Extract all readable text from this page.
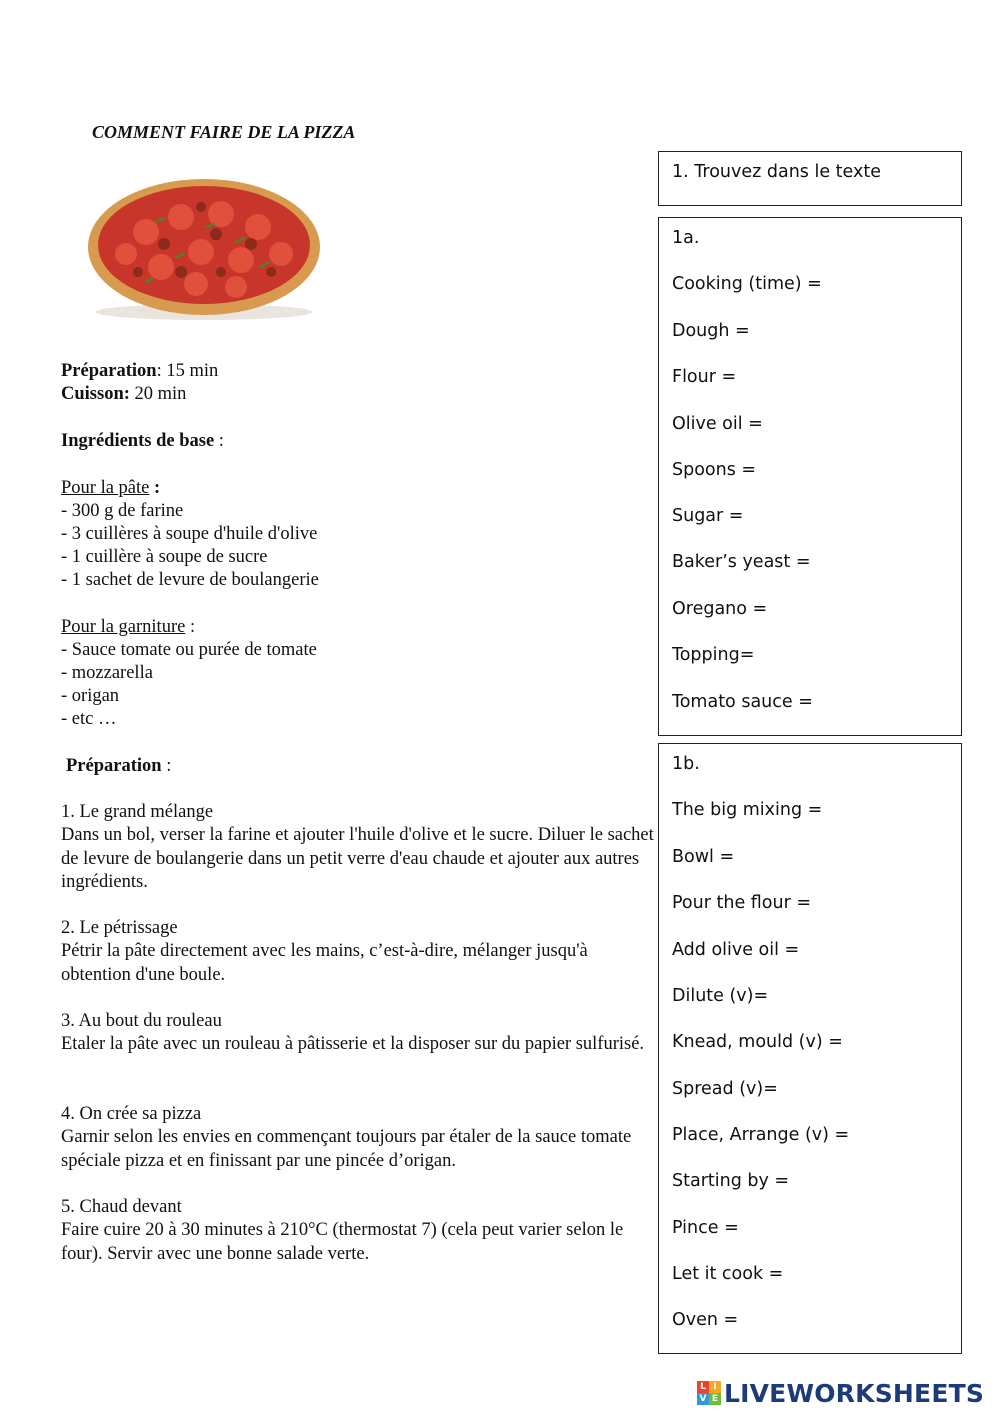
COMMENT FAIRE DE LA PIZZA
Préparation: 15 min
Cuisson: 20 min
Ingrédients de base :
Pour la pâte :
- 300 g de farine
- 3 cuillères à soupe d'huile d'olive
- 1 cuillère à soupe de sucre
- 1 sachet de levure de boulangerie
Pour la garniture :
- Sauce tomate ou purée de tomate
- mozzarella
- origan
- etc …
Préparation :
1. Le grand mélange
Dans un bol, verser la farine et ajouter l'huile d'olive et le sucre. Diluer le sachet de levure de boulangerie dans un petit verre d'eau chaude et ajouter aux autres ingrédients.
2. Le pétrissage
Pétrir la pâte directement avec les mains, c’est-à-dire, mélanger jusqu'à obtention d'une boule.
3. Au bout du rouleau
Etaler la pâte avec un rouleau à pâtisserie et la disposer sur du papier sulfurisé.
4. On crée sa pizza
Garnir selon les envies en commençant toujours par étaler de la sauce tomate spéciale pizza et en finissant par une pincée d’origan.
5. Chaud devant
Faire cuire 20 à 30 minutes à 210°C (thermostat 7) (cela peut varier selon le four). Servir avec une bonne salade verte.
1. Trouvez dans le texte
1a.
Cooking (time) =
Dough =
Flour =
Olive oil =
Spoons =
Sugar =
Baker’s yeast =
Oregano =
Topping=
Tomato sauce =
1b.
The big mixing =
Bowl =
Pour the flour =
Add olive oil =
Dilute (v)=
Knead, mould (v) =
Spread (v)=
Place, Arrange (v) =
Starting by =
Pince =
Let it cook =
Oven =
L I
V E LIVEWORKSHEETS
